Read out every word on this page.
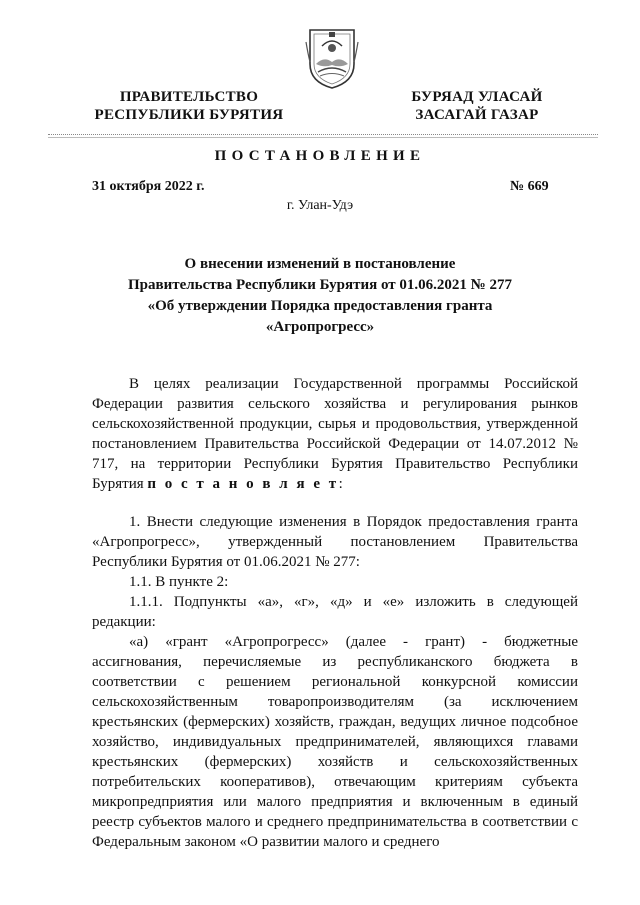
ПРАВИТЕЛЬСТВО
РЕСПУБЛИКИ БУРЯТИЯ
БУРЯАД УЛАСАЙ
ЗАСАГАЙ ГАЗАР
ПОСТАНОВЛЕНИЕ
31 октября 2022 г.	№ 669
г. Улан-Удэ
О внесении изменений в постановление
Правительства Республики Бурятия от 01.06.2021 № 277
«Об утверждении Порядка предоставления гранта
«Агропрогресс»
В целях реализации Государственной программы Российской Федерации развития сельского хозяйства и регулирования рынков сельскохозяйственной продукции, сырья и продовольствия, утвержденной постановлением Правительства Российской Федерации от 14.07.2012 № 717, на территории Республики Бурятия Правительство Республики Бурятия п о с т а н о в л я е т:
1. Внести следующие изменения в Порядок предоставления гранта «Агропрогресс», утвержденный постановлением Правительства Республики Бурятия от 01.06.2021 № 277:
1.1. В пункте 2:
1.1.1. Подпункты «а», «г», «д» и «е» изложить в следующей редакции:
«а) «грант «Агропрогресс» (далее - грант) - бюджетные ассигнования, перечисляемые из республиканского бюджета в соответствии с решением региональной конкурсной комиссии сельскохозяйственным товаропроизводителям (за исключением крестьянских (фермерских) хозяйств, граждан, ведущих личное подсобное хозяйство, индивидуальных предпринимателей, являющихся главами крестьянских (фермерских) хозяйств и сельскохозяйственных потребительских кооперативов), отвечающим критериям субъекта микропредприятия или малого предприятия и включенным в единый реестр субъектов малого и среднего предпринимательства в соответствии с Федеральным законом «О развитии малого и среднего
